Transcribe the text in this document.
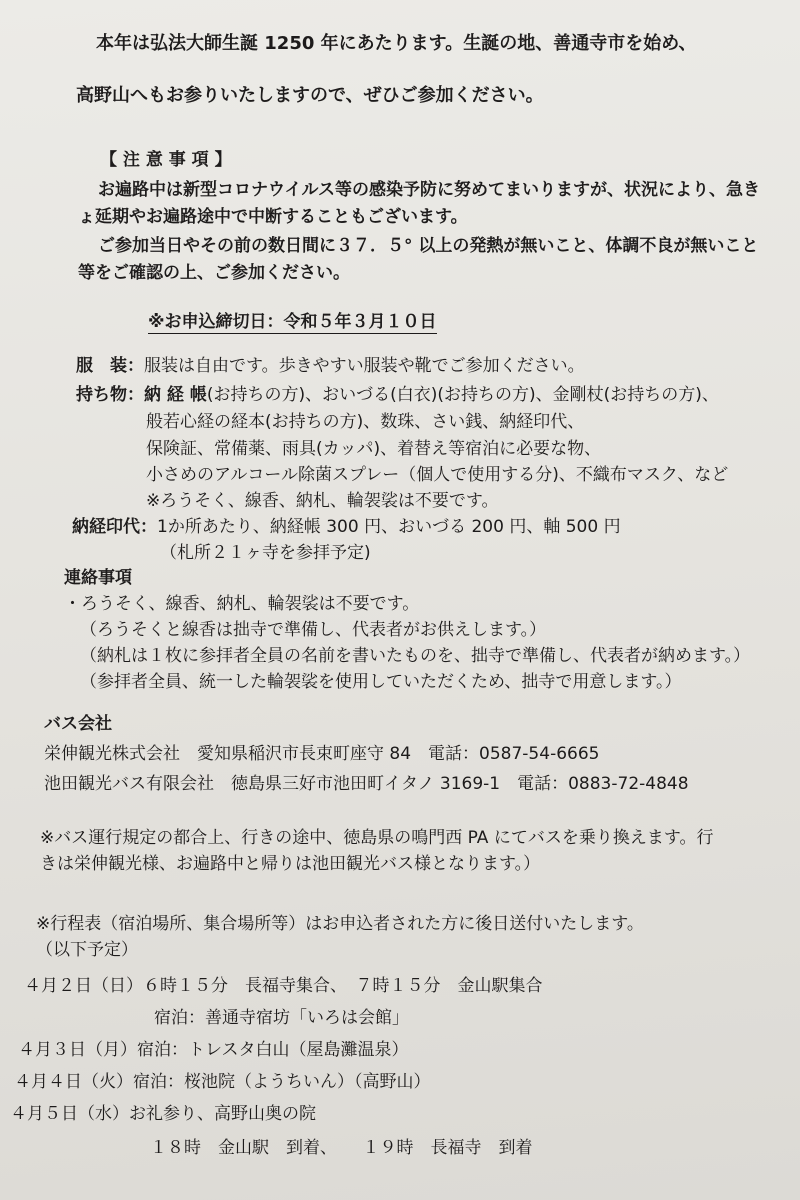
本年は弘法大師生誕 1250 年にあたります。生誕の地、善通寺市を始め、
高野山へもお参りいたしますので、ぜひご参加ください。
【 注 意 事 項 】
お遍路中は新型コロナウイルス等の感染予防に努めてまいりますが、状況により、急き
ょ延期やお遍路途中で中断することもございます。
ご参加当日やその前の数日間に３７．５° 以上の発熱が無いこと、体調不良が無いこと
等をご確認の上、ご参加ください。
※お申込締切日：令和５年３月１０日
服　装：服装は自由です。歩きやすい服装や靴でご参加ください。
持ち物：納 経 帳(お持ちの方)、おいづる(白衣)(お持ちの方)、金剛杖(お持ちの方)、
般若心経の経本(お持ちの方)、数珠、さい銭、納経印代、
保険証、常備薬、雨具(カッパ)、着替え等宿泊に必要な物、
小さめのアルコール除菌スプレー（個人で使用する分)、不織布マスク、など
※ろうそく、線香、納札、輪袈裟は不要です。
納経印代：1か所あたり、納経帳 300 円、おいづる 200 円、軸 500 円
（札所２１ヶ寺を参拝予定)
連絡事項
・ろうそく、線香、納札、輪袈裟は不要です。
（ろうそくと線香は拙寺で準備し、代表者がお供えします。）
（納札は１枚に参拝者全員の名前を書いたものを、拙寺で準備し、代表者が納めます。）
（参拝者全員、統一した輪袈裟を使用していただくため、拙寺で用意します。）
バス会社
栄伸観光株式会社　愛知県稲沢市長束町座守 84　電話：0587-54-6665
池田観光バス有限会社　徳島県三好市池田町イタノ 3169-1　電話：0883-72-4848
※バス運行規定の都合上、行きの途中、徳島県の鳴門西 PA にてバスを乗り換えます。行
きは栄伸観光様、お遍路中と帰りは池田観光バス様となります。）
※行程表（宿泊場所、集合場所等）はお申込者された方に後日送付いたします。
（以下予定）
４月２日（日）６時１５分　長福寺集合、　７時１５分　金山駅集合
宿泊：善通寺宿坊「いろは会館」
４月３日（月）宿泊：トレスタ白山（屋島灘温泉）
４月４日（火）宿泊：桜池院（ようちいん）（高野山）
４月５日（水）お礼参り、高野山奥の院
１８時　金山駅　到着、　　１９時　長福寺　到着
